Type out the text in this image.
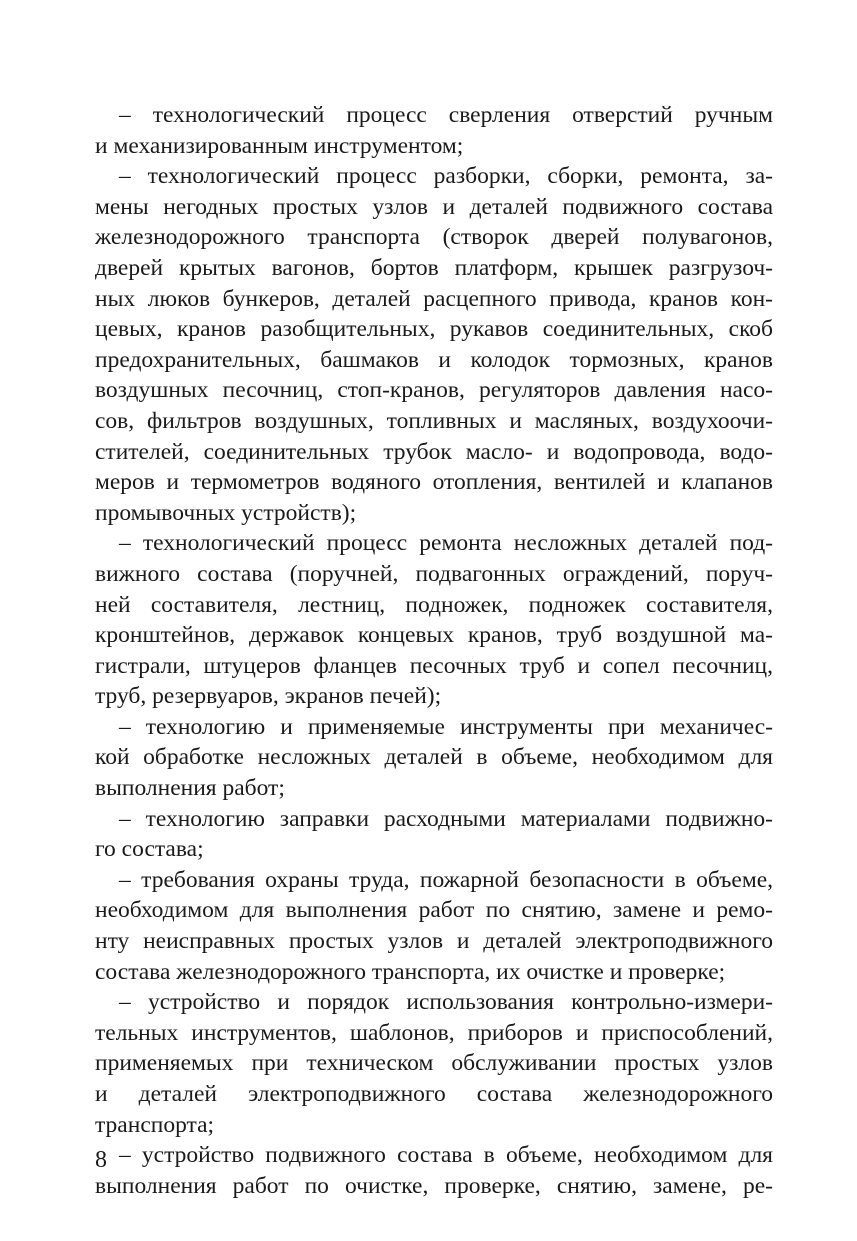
– технологический процесс сверления отверстий ручным
и механизированным инструментом;
– технологический процесс разборки, сборки, ремонта, за-
мены негодных простых узлов и деталей подвижного состава
железнодорожного транспорта (створок дверей полувагонов,
дверей крытых вагонов, бортов платформ, крышек разгрузоч-
ных люков бункеров, деталей расцепного привода, кранов кон-
цевых, кранов разобщительных, рукавов соединительных, скоб
предохранительных, башмаков и колодок тормозных, кранов
воздушных песочниц, стоп-кранов, регуляторов давления насо-
сов, фильтров воздушных, топливных и масляных, воздухоочи-
стителей, соединительных трубок масло- и водопровода, водо-
меров и термометров водяного отопления, вентилей и клапанов
промывочных устройств);
– технологический процесс ремонта несложных деталей под-
вижного состава (поручней, подвагонных ограждений, поруч-
ней составителя, лестниц, подножек, подножек составителя,
кронштейнов, державок концевых кранов, труб воздушной ма-
гистрали, штуцеров фланцев песочных труб и сопел песочниц,
труб, резервуаров, экранов печей);
– технологию и применяемые инструменты при механичес-
кой обработке несложных деталей в объеме, необходимом для
выполнения работ;
– технологию заправки расходными материалами подвижно-
го состава;
– требования охраны труда, пожарной безопасности в объеме,
необходимом для выполнения работ по снятию, замене и ремо-
нту неисправных простых узлов и деталей электроподвижного
состава железнодорожного транспорта, их очистке и проверке;
– устройство и порядок использования контрольно-измери-
тельных инструментов, шаблонов, приборов и приспособлений,
применяемых при техническом обслуживании простых узлов
и деталей электроподвижного состава железнодорожного
транспорта;
– устройство подвижного состава в объеме, необходимом для
выполнения работ по очистке, проверке, снятию, замене, ре-
8
